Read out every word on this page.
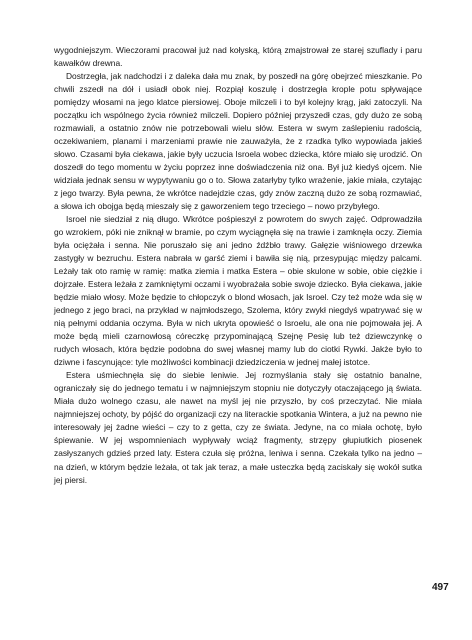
wygodniejszym. Wieczorami pracował już nad kołyską, którą zmajstrował ze starej szuflady i paru kawałków drewna.

Dostrzegła, jak nadchodzi i z daleka dała mu znak, by poszedł na górę obejrzeć mieszkanie. Po chwili zszedł na dół i usiadł obok niej. Rozpiął koszulę i dostrzegła krople potu spływające pomiędzy włosami na jego klatce piersiowej. Oboje milczeli i to był kolejny krąg, jaki zatoczyli. Na początku ich wspólnego życia również milczeli. Dopiero później przyszedł czas, gdy dużo ze sobą rozmawiali, a ostatnio znów nie potrzebowali wielu słów. Estera w swym zaślepieniu radością, oczekiwaniem, planami i marzeniami prawie nie zauważyła, że z rzadka tylko wypowiada jakieś słowo. Czasami była ciekawa, jakie były uczucia Isroela wobec dziecka, które miało się urodzić. On doszedł do tego momentu w życiu poprzez inne doświadczenia niż ona. Był już kiedyś ojcem. Nie widziała jednak sensu w wypytywaniu go o to. Słowa zatarłyby tylko wrażenie, jakie miała, czytając z jego twarzy. Była pewna, że wkrótce nadejdzie czas, gdy znów zaczną dużo ze sobą rozmawiać, a słowa ich obojga będą mieszały się z gaworzeniem tego trzeciego – nowo przybyłego.

Isroel nie siedział z nią długo. Wkrótce pośpieszył z powrotem do swych zajęć. Odprowadziła go wzrokiem, póki nie zniknął w bramie, po czym wyciągnęła się na trawie i zamknęła oczy. Ziemia była ociężała i senna. Nie poruszało się ani jedno źdźbło trawy. Gałęzie wiśniowego drzewka zastygły w bezruchu. Estera nabrała w garść ziemi i bawiła się nią, przesypując między palcami. Leżały tak oto ramię w ramię: matka ziemia i matka Estera – obie skulone w sobie, obie ciężkie i dojrzałe. Estera leżała z zamkniętymi oczami i wyobrażała sobie swoje dziecko. Była ciekawa, jakie będzie miało włosy. Może będzie to chłopczyk o blond włosach, jak Isroel. Czy też może wda się w jednego z jego braci, na przykład w najmłodszego, Szolema, który zwykł niegdyś wpatrywać się w nią pełnymi oddania oczyma. Była w nich ukryta opowieść o Isroelu, ale ona nie pojmowała jej. A może będą mieli czarnowłosą córeczkę przypominającą Szejnę Pesię lub też dziewczynkę o rudych włosach, która będzie podobna do swej własnej mamy lub do ciotki Rywki. Jakże było to dziwne i fascynujące: tyle możliwości kombinacji dziedziczenia w jednej małej istotce.

Estera uśmiechnęła się do siebie leniwie. Jej rozmyślania stały się ostatnio banalne, ograniczały się do jednego tematu i w najmniejszym stopniu nie dotyczyły otaczającego ją świata. Miała dużo wolnego czasu, ale nawet na myśl jej nie przyszło, by coś przeczytać. Nie miała najmniejszej ochoty, by pójść do organizacji czy na literackie spotkania Wintera, a już na pewno nie interesowały jej żadne wieści – czy to z getta, czy ze świata. Jedyne, na co miała ochotę, było śpiewanie. W jej wspomnieniach wypływały wciąż fragmenty, strzępy głupiutkich piosenek zasłyszanych gdzieś przed laty. Estera czuła się próżna, leniwa i senna. Czekała tylko na jedno – na dzień, w którym będzie leżała, ot tak jak teraz, a małe usteczka będą zaciskały się wokół sutka jej piersi.

497
